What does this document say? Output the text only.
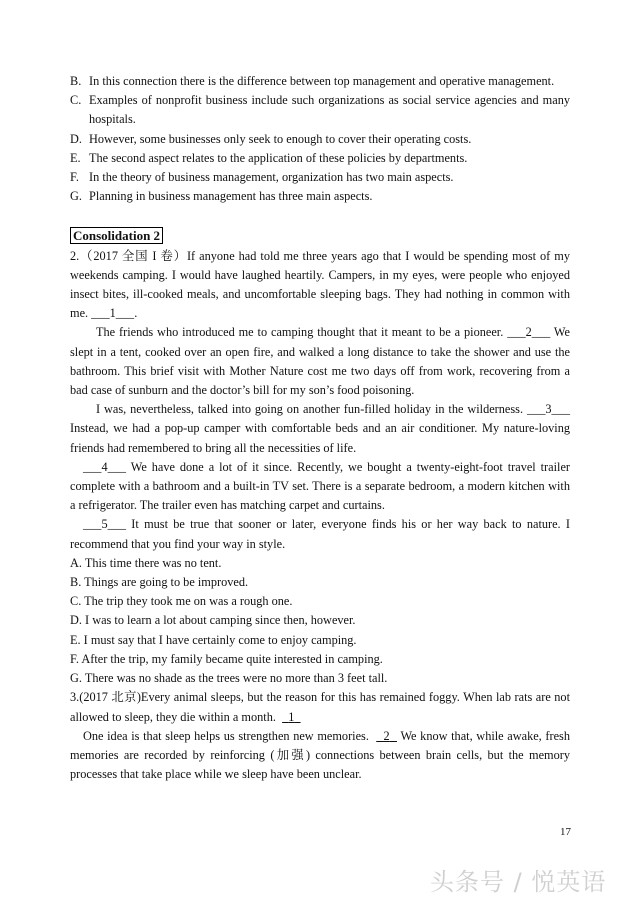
B. In this connection there is the difference between top management and operative management.
C. Examples of nonprofit business include such organizations as social service agencies and many hospitals.
D. However, some businesses only seek to enough to cover their operating costs.
E. The second aspect relates to the application of these policies by departments.
F. In the theory of business management, organization has two main aspects.
G. Planning in business management has three main aspects.
Consolidation 2

2.（2017 全国 I 卷）If anyone had told me three years ago that I would be spending most of my weekends camping. I would have laughed heartily. Campers, in my eyes, were people who enjoyed insect bites, ill-cooked meals, and uncomfortable sleeping bags. They had nothing in common with me. ___1___.

The friends who introduced me to camping thought that it meant to be a pioneer. ___2___ We slept in a tent, cooked over an open fire, and walked a long distance to take the shower and use the bathroom. This brief visit with Mother Nature cost me two days off from work, recovering from a bad case of sunburn and the doctor’s bill for my son’s food poisoning.

I was, nevertheless, talked into going on another fun-filled holiday in the wilderness. ___3___ Instead, we had a pop-up camper with comfortable beds and an air conditioner. My nature-loving friends had remembered to bring all the necessities of life.

___4___ We have done a lot of it since. Recently, we bought a twenty-eight-foot travel trailer complete with a bathroom and a built-in TV set. There is a separate bedroom, a modern kitchen with a refrigerator. The trailer even has matching carpet and curtains.

___5___ It must be true that sooner or later, everyone finds his or her way back to nature. I recommend that you find your way in style.

A. This time there was no tent.
B. Things are going to be improved.
C. The trip they took me on was a rough one.
D. I was to learn a lot about camping since then, however.
E. I must say that I have certainly come to enjoy camping.
F. After the trip, my family became quite interested in camping.
G. There was no shade as the trees were no more than 3 feet tall.

3.(2017 北京)Every animal sleeps, but the reason for this has remained foggy. When lab rats are not allowed to sleep, they die within a month. 1

One idea is that sleep helps us strengthen new memories. 2 We know that, while awake, fresh memories are recorded by reinforcing (加强) connections between brain cells, but the memory processes that take place while we sleep have been unclear.

17
头条号 / 悦英语
